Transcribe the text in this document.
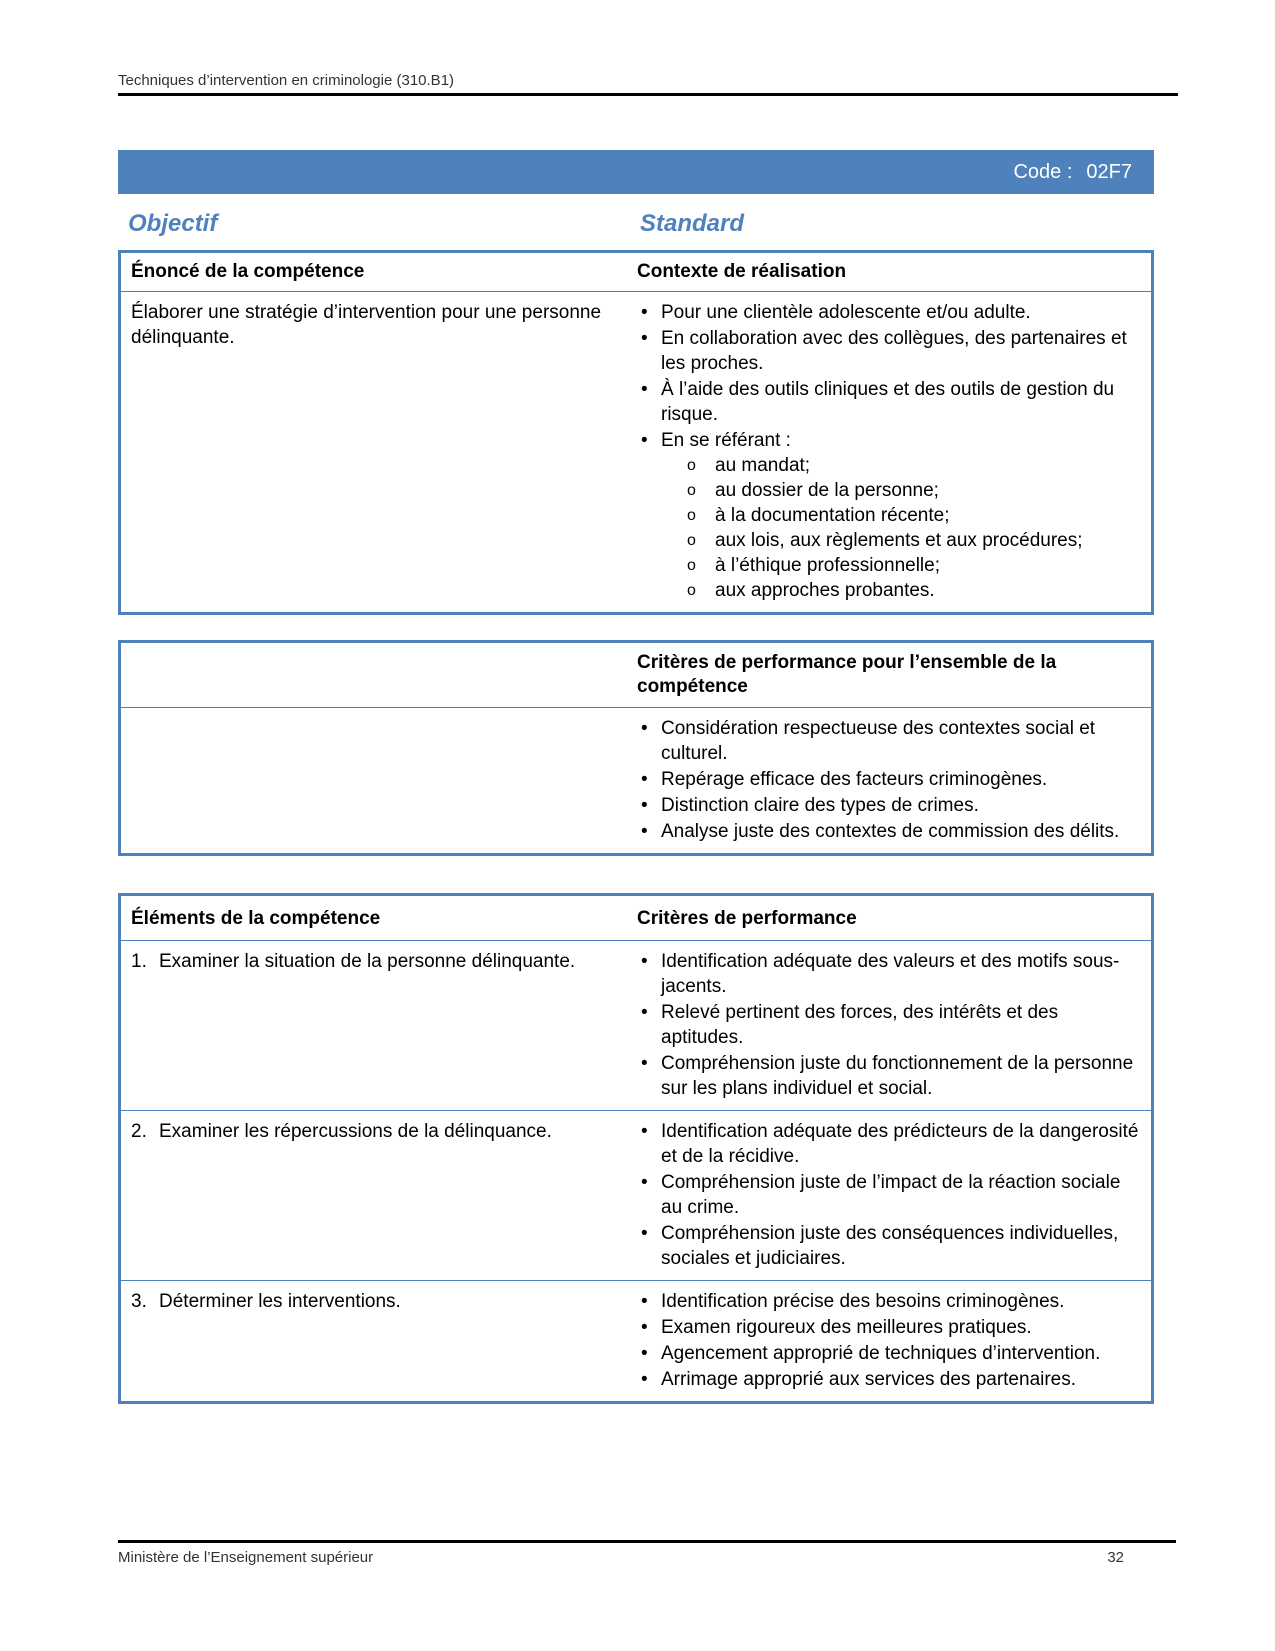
Techniques d’intervention en criminologie (310.B1)
Code : 02F7
Objectif	Standard
Énoncé de la compétence	Contexte de réalisation
Élaborer une stratégie d’intervention pour une personne délinquante.
• Pour une clientèle adolescente et/ou adulte.
• En collaboration avec des collègues, des partenaires et les proches.
• À l’aide des outils cliniques et des outils de gestion du risque.
• En se référant :
o au mandat;
o au dossier de la personne;
o à la documentation récente;
o aux lois, aux règlements et aux procédures;
o à l’éthique professionnelle;
o aux approches probantes.
Critères de performance pour l’ensemble de la compétence
• Considération respectueuse des contextes social et culturel.
• Repérage efficace des facteurs criminogènes.
• Distinction claire des types de crimes.
• Analyse juste des contextes de commission des délits.
Éléments de la compétence	Critères de performance
1. Examiner la situation de la personne délinquante.	• Identification adéquate des valeurs et des motifs sous-jacents.
• Relevé pertinent des forces, des intérêts et des aptitudes.
• Compréhension juste du fonctionnement de la personne sur les plans individuel et social.
2. Examiner les répercussions de la délinquance.	• Identification adéquate des prédicteurs de la dangerosité et de la récidive.
• Compréhension juste de l’impact de la réaction sociale au crime.
• Compréhension juste des conséquences individuelles, sociales et judiciaires.
3. Déterminer les interventions.	• Identification précise des besoins criminogènes.
• Examen rigoureux des meilleures pratiques.
• Agencement approprié de techniques d’intervention.
• Arrimage approprié aux services des partenaires.
Ministère de l’Enseignement supérieur	32
